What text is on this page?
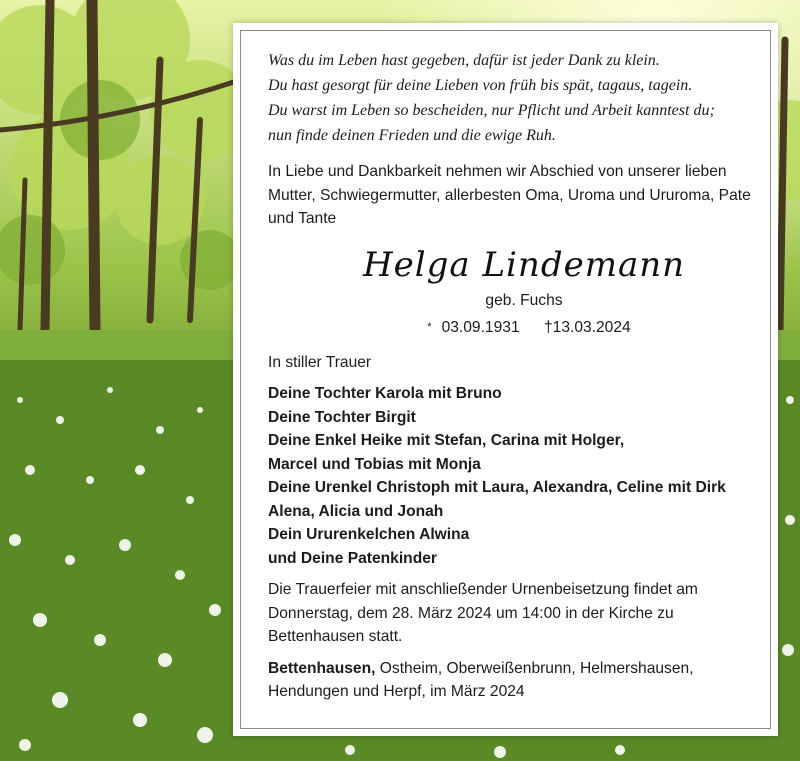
Was du im Leben hast gegeben, dafür ist jeder Dank zu klein.
Du hast gesorgt für deine Lieben von früh bis spät, tagaus, tagein.
Du warst im Leben so bescheiden, nur Pflicht und Arbeit kanntest du;
nun finde deinen Frieden und die ewige Ruh.
In Liebe und Dankbarkeit nehmen wir Abschied von unserer lieben Mutter, Schwiegermutter, allerbesten Oma, Uroma und Ururoma, Pate und Tante
Helga Lindemann
geb. Fuchs
* 03.09.1931 †13.03.2024
In stiller Trauer
Deine Tochter Karola mit Bruno
Deine Tochter Birgit
Deine Enkel Heike mit Stefan, Carina mit Holger,
Marcel und Tobias mit Monja
Deine Urenkel Christoph mit Laura, Alexandra, Celine mit Dirk
Alena, Alicia und Jonah
Dein Ururenkelchen Alwina
und Deine Patenkinder
Die Trauerfeier mit anschließender Urnenbeisetzung findet am Donnerstag, dem 28. März 2024 um 14:00 in der Kirche zu Bettenhausen statt.
Bettenhausen, Ostheim, Oberweißenbrunn, Helmershausen, Hendungen und Herpf, im März 2024
